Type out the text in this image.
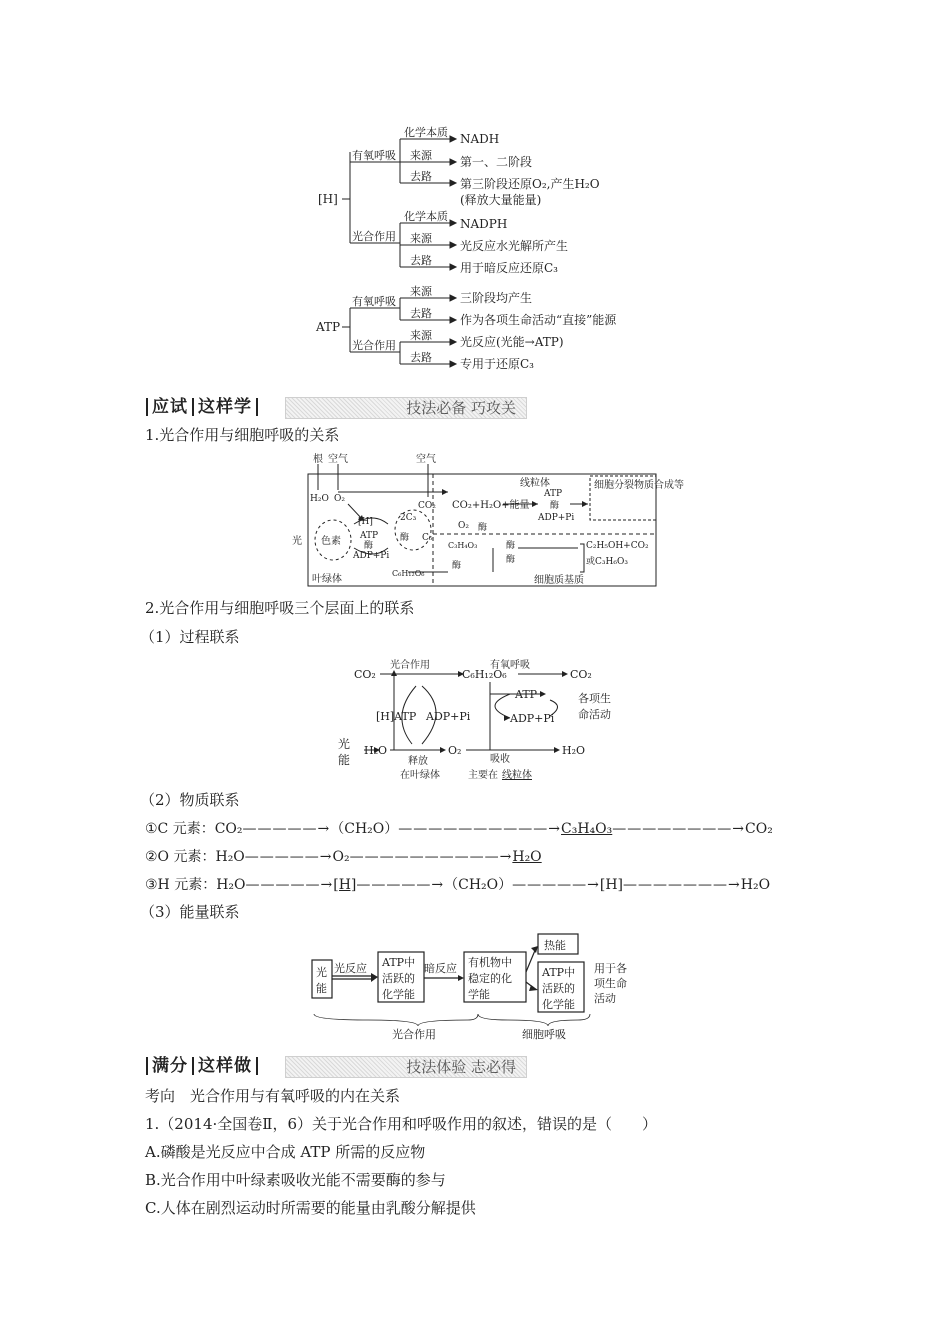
[H]
有氧呼吸
光合作用
化学本质
来源
去路
NADH
第一、二阶段
第三阶段还原O₂,产生H₂O
(释放大量能量)
化学本质
来源
去路
NADPH
光反应水光解所产生
用于暗反应还原C₃
ATP
有氧呼吸
光合作用
来源
去路
来源
去路
三阶段均产生
作为各项生命活动“直接”能源
光反应(光能→ATP)
专用于还原C₃
应试 这样学	技法必备 巧攻关
1.光合作用与细胞呼吸的关系
根 空气	空气
H₂O O₂
[H]	2C₃
ATP
酶
ADP+Pi
色素
光	酶 C₅
C₆H₁₂O₆
叶绿体
CO₂ CO₂+H₂O+能量
线粒体
O₂ 酶
酶
酶
C₃H₄O₃
ATP
酶
ADP+Pi
酶
细胞分裂物质合成等
C₂H₅OH+CO₂
或C₃H₆O₃
细胞质基质
2.光合作用与细胞呼吸三个层面上的联系
（1）过程联系
CO₂
光合作用
C₆H₁₂O₆
有氧呼吸
CO₂
[H]ATP ADP+Pi
ATP
ADP+Pi
各项生
命活动
光
能
H₂O	O₂
吸收
H₂O
释放
在叶绿体	主要在 线粒体
（2）物质联系
①C 元素：CO₂—————→（CH₂O）——————————→C₃H₄O₃————————→CO₂
②O 元素：H₂O—————→O₂——————————→H₂O
③H 元素：H₂O—————→[H]—————→（CH₂O）—————→[H]———————→H₂O
（3）能量联系
光
能
光反应 ATP中
活跃的
化学能
暗反应 有机物中
稳定的化
学能
热能
ATP中
活跃的
化学能
用于各
项生命
活动
光合作用	细胞呼吸
满分 这样做	技法体验 志必得
考向　光合作用与有氧呼吸的内在关系
1.（2014·全国卷Ⅱ，6）关于光合作用和呼吸作用的叙述，错误的是（　　）
A.磷酸是光反应中合成 ATP 所需的反应物
B.光合作用中叶绿素吸收光能不需要酶的参与
C.人体在剧烈运动时所需要的能量由乳酸分解提供
